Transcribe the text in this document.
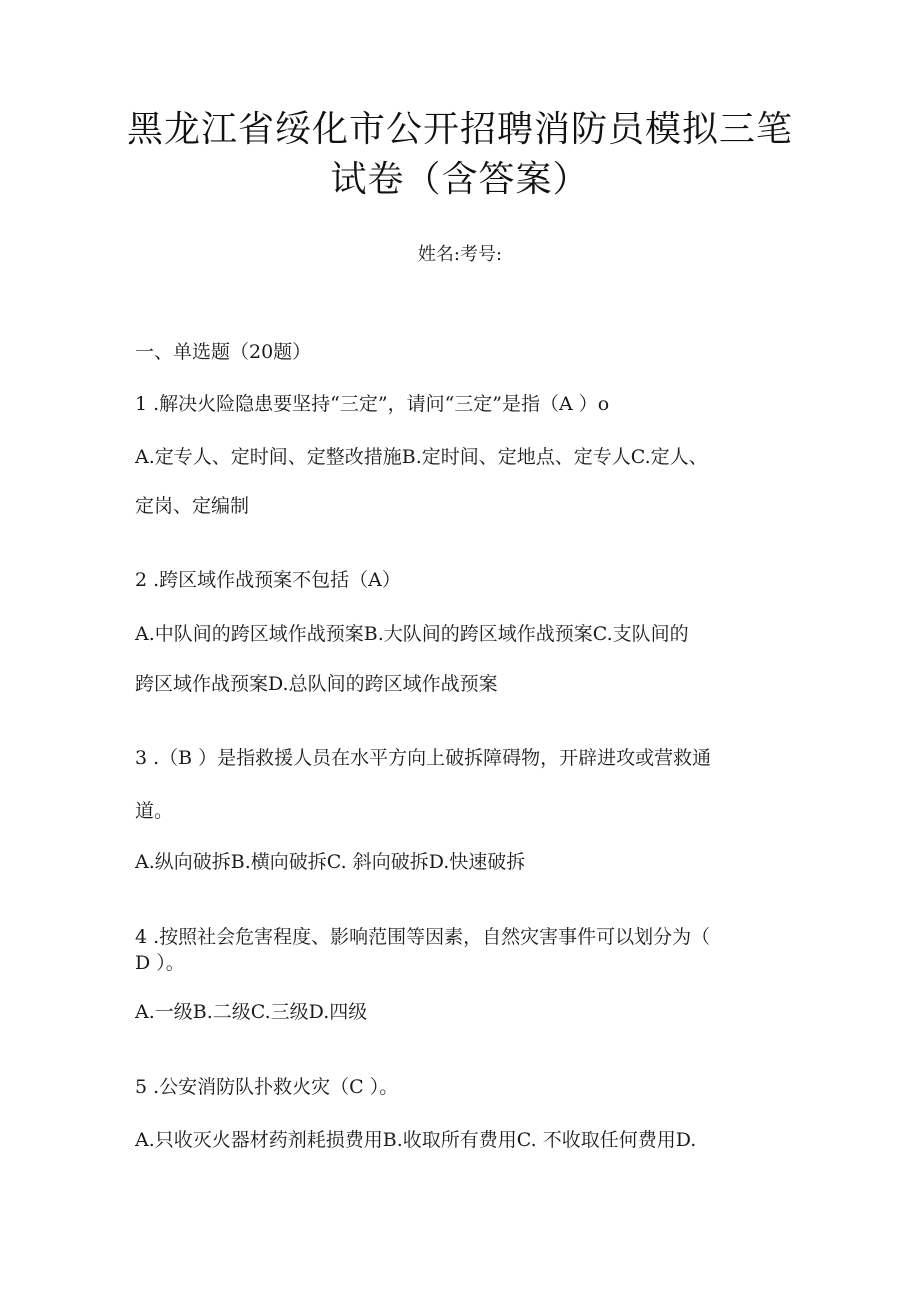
黑龙江省绥化市公开招聘消防员模拟三笔
试卷（含答案）
姓名:考号:
一、单选题（20题）
1 .解决火险隐患要坚持“三定”，请问“三定”是指（A ）o
A.定专人、定时间、定整改措施B.定时间、定地点、定专人C.定人、
定岗、定编制
2 .跨区域作战预案不包括（A）
A.中队间的跨区域作战预案B.大队间的跨区域作战预案C.支队间的
跨区域作战预案D.总队间的跨区域作战预案
3 .（B ）是指救援人员在水平方向上破拆障碍物，开辟进攻或营救通
道。
A.纵向破拆B.横向破拆C. 斜向破拆D.快速破拆
4 .按照社会危害程度、影响范围等因素，自然灾害事件可以划分为（
D ）。
A.一级B.二级C.三级D.四级
5 .公安消防队扑救火灾（C ）。
A.只收灭火器材药剂耗损费用B.收取所有费用C. 不收取任何费用D.
